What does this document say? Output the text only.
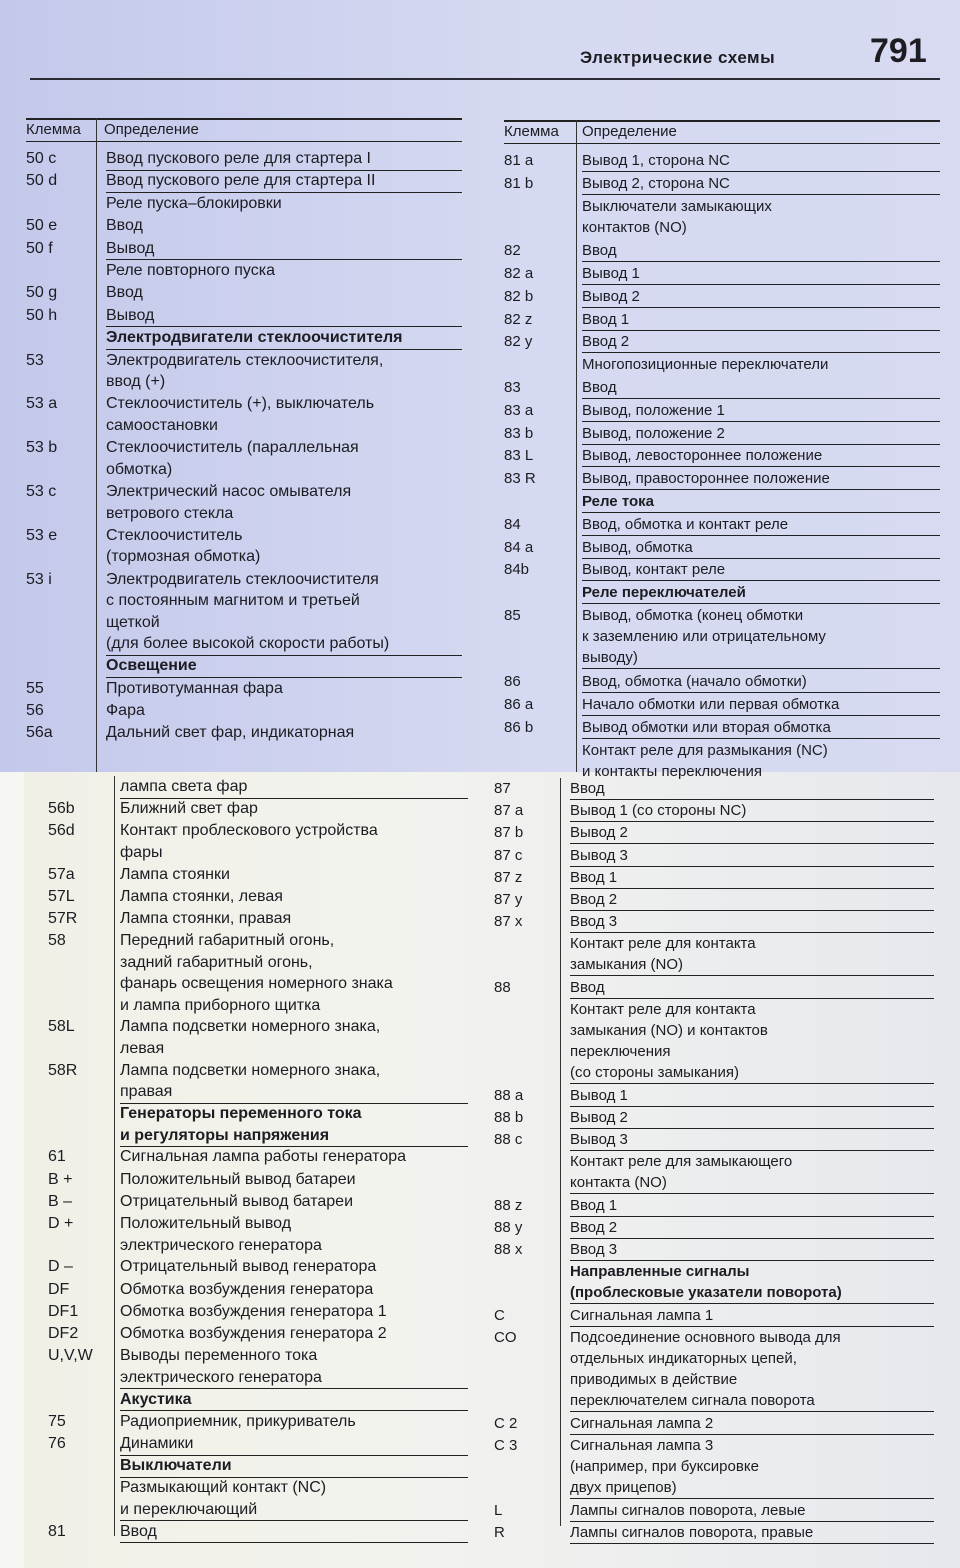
Электрические схемы	791
Клемма	Определение
50 c	Ввод пускового реле для стартера I
50 d	Ввод пускового реле для стартера II
Реле пуска–блокировки
50 e	Ввод
50 f	Вывод
Реле повторного пуска
50 g	Ввод
50 h	Вывод
Электродвигатели стеклоочистителя
53	Электродвигатель стеклоочистителя,
ввод (+)
53 a	Стеклоочиститель (+), выключатель
самоостановки
53 b	Стеклоочиститель (параллельная
обмотка)
53 c	Электрический насос омывателя
ветрового стекла
53 e	Стеклоочиститель
(тормозная обмотка)
53 i	Электродвигатель стеклоочистителя
с постоянным магнитом и третьей
щеткой
(для более высокой скорости работы)
Освещение
55	Противотуманная фара
56	Фара
56a	Дальний свет фар, индикаторная
Клемма	Определение
81 a	Вывод 1, сторона NC
81 b	Вывод 2, сторона NC
Выключатели замыкающих
контактов (NO)
82	Ввод
82 a	Вывод 1
82 b	Вывод 2
82 z	Ввод 1
82 y	Ввод 2
Многопозиционные переключатели
83	Ввод
83 a	Вывод, положение 1
83 b	Вывод, положение 2
83 L	Вывод, левостороннее положение
83 R	Вывод, правостороннее положение
Реле тока
84	Ввод, обмотка и контакт реле
84 a	Вывод, обмотка
84b	Вывод, контакт реле
Реле переключателей
85	Вывод, обмотка (конец обмотки
к заземлению или отрицательному
выводу)
86	Ввод, обмотка (начало обмотки)
86 a	Начало обмотки или первая обмотка
86 b	Вывод обмотки или вторая обмотка
Контакт реле для размыкания (NC)
и контакты переключения
лампа света фар
56b	Ближний свет фар
56d	Контакт проблескового устройства
фары
57a	Лампа стоянки
57L	Лампа стоянки, левая
57R	Лампа стоянки, правая
58	Передний габаритный огонь,
задний габаритный огонь,
фанарь освещения номерного знака
и лампа приборного щитка
58L	Лампа подсветки номерного знака,
левая
58R	Лампа подсветки номерного знака,
правая
Генераторы переменного тока
и регуляторы напряжения
61	Сигнальная лампа работы генератора
B +	Положительный вывод батареи
B –	Отрицательный вывод батареи
D +	Положительный вывод
электрического генератора
D –	Отрицательный вывод генератора
DF	Обмотка возбуждения генератора
DF1	Обмотка возбуждения генератора 1
DF2	Обмотка возбуждения генератора 2
U,V,W Выводы переменного тока
электрического генератора
Акустика
75	Радиоприемник, прикуриватель
76	Динамики
Выключатели
Размыкающий контакт (NC)
и переключающий
81	Ввод
87	Ввод
87 a	Вывод 1 (со стороны NC)
87 b	Вывод 2
87 c	Вывод 3
87 z	Ввод 1
87 y	Ввод 2
87 x	Ввод 3
Контакт реле для контакта
замыкания (NO)
88	Ввод
Контакт реле для контакта
замыкания (NO) и контактов
переключения
(со стороны замыкания)
88 a	Вывод 1
88 b	Вывод 2
88 c	Вывод 3
Контакт реле для замыкающего
контакта (NO)
88 z	Ввод 1
88 y	Ввод 2
88 x	Ввод 3
Направленные сигналы
(проблесковые указатели поворота)
C	Сигнальная лампа 1
CO	Подсоединение основного вывода для
отдельных индикаторных цепей,
приводимых в действие
переключателем сигнала поворота
C 2	Сигнальная лампа 2
C 3	Сигнальная лампа 3
(например, при буксировке
двух прицепов)
L	Лампы сигналов поворота, левые
R	Лампы сигналов поворота, правые
